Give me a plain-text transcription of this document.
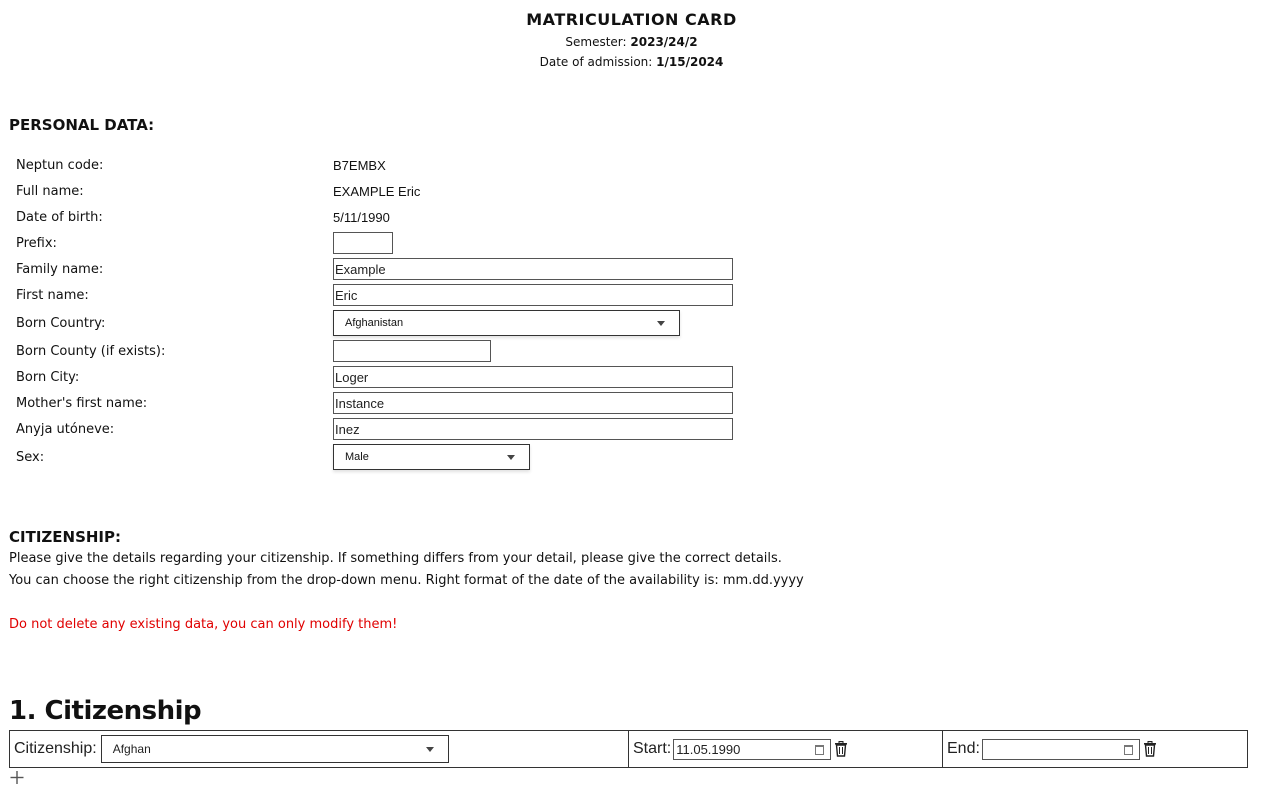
MATRICULATION CARD
Semester: 2023/24/2
Date of admission: 1/15/2024
PERSONAL DATA:
Neptun code:	B7EMBX
Full name:	EXAMPLE Eric
Date of birth:	5/11/1990
Prefix:
Family name:
Example
First name:
Eric
Born Country:	Afghanistan
Born County (if exists):
Born City:
Loger
Mother's first name:
Instance
Anyja utóneve:
Inez
Sex:	Male
CITIZENSHIP:
Please give the details regarding your citizenship. If something differs from your detail, please give the correct details.
You can choose the right citizenship from the drop-down menu. Right format of the date of the availability is: mm.dd.yyyy
Do not delete any existing data, you can only modify them!
1. Citizenship
Citizenship: Afghan	Start: 11.05.1990	End:
